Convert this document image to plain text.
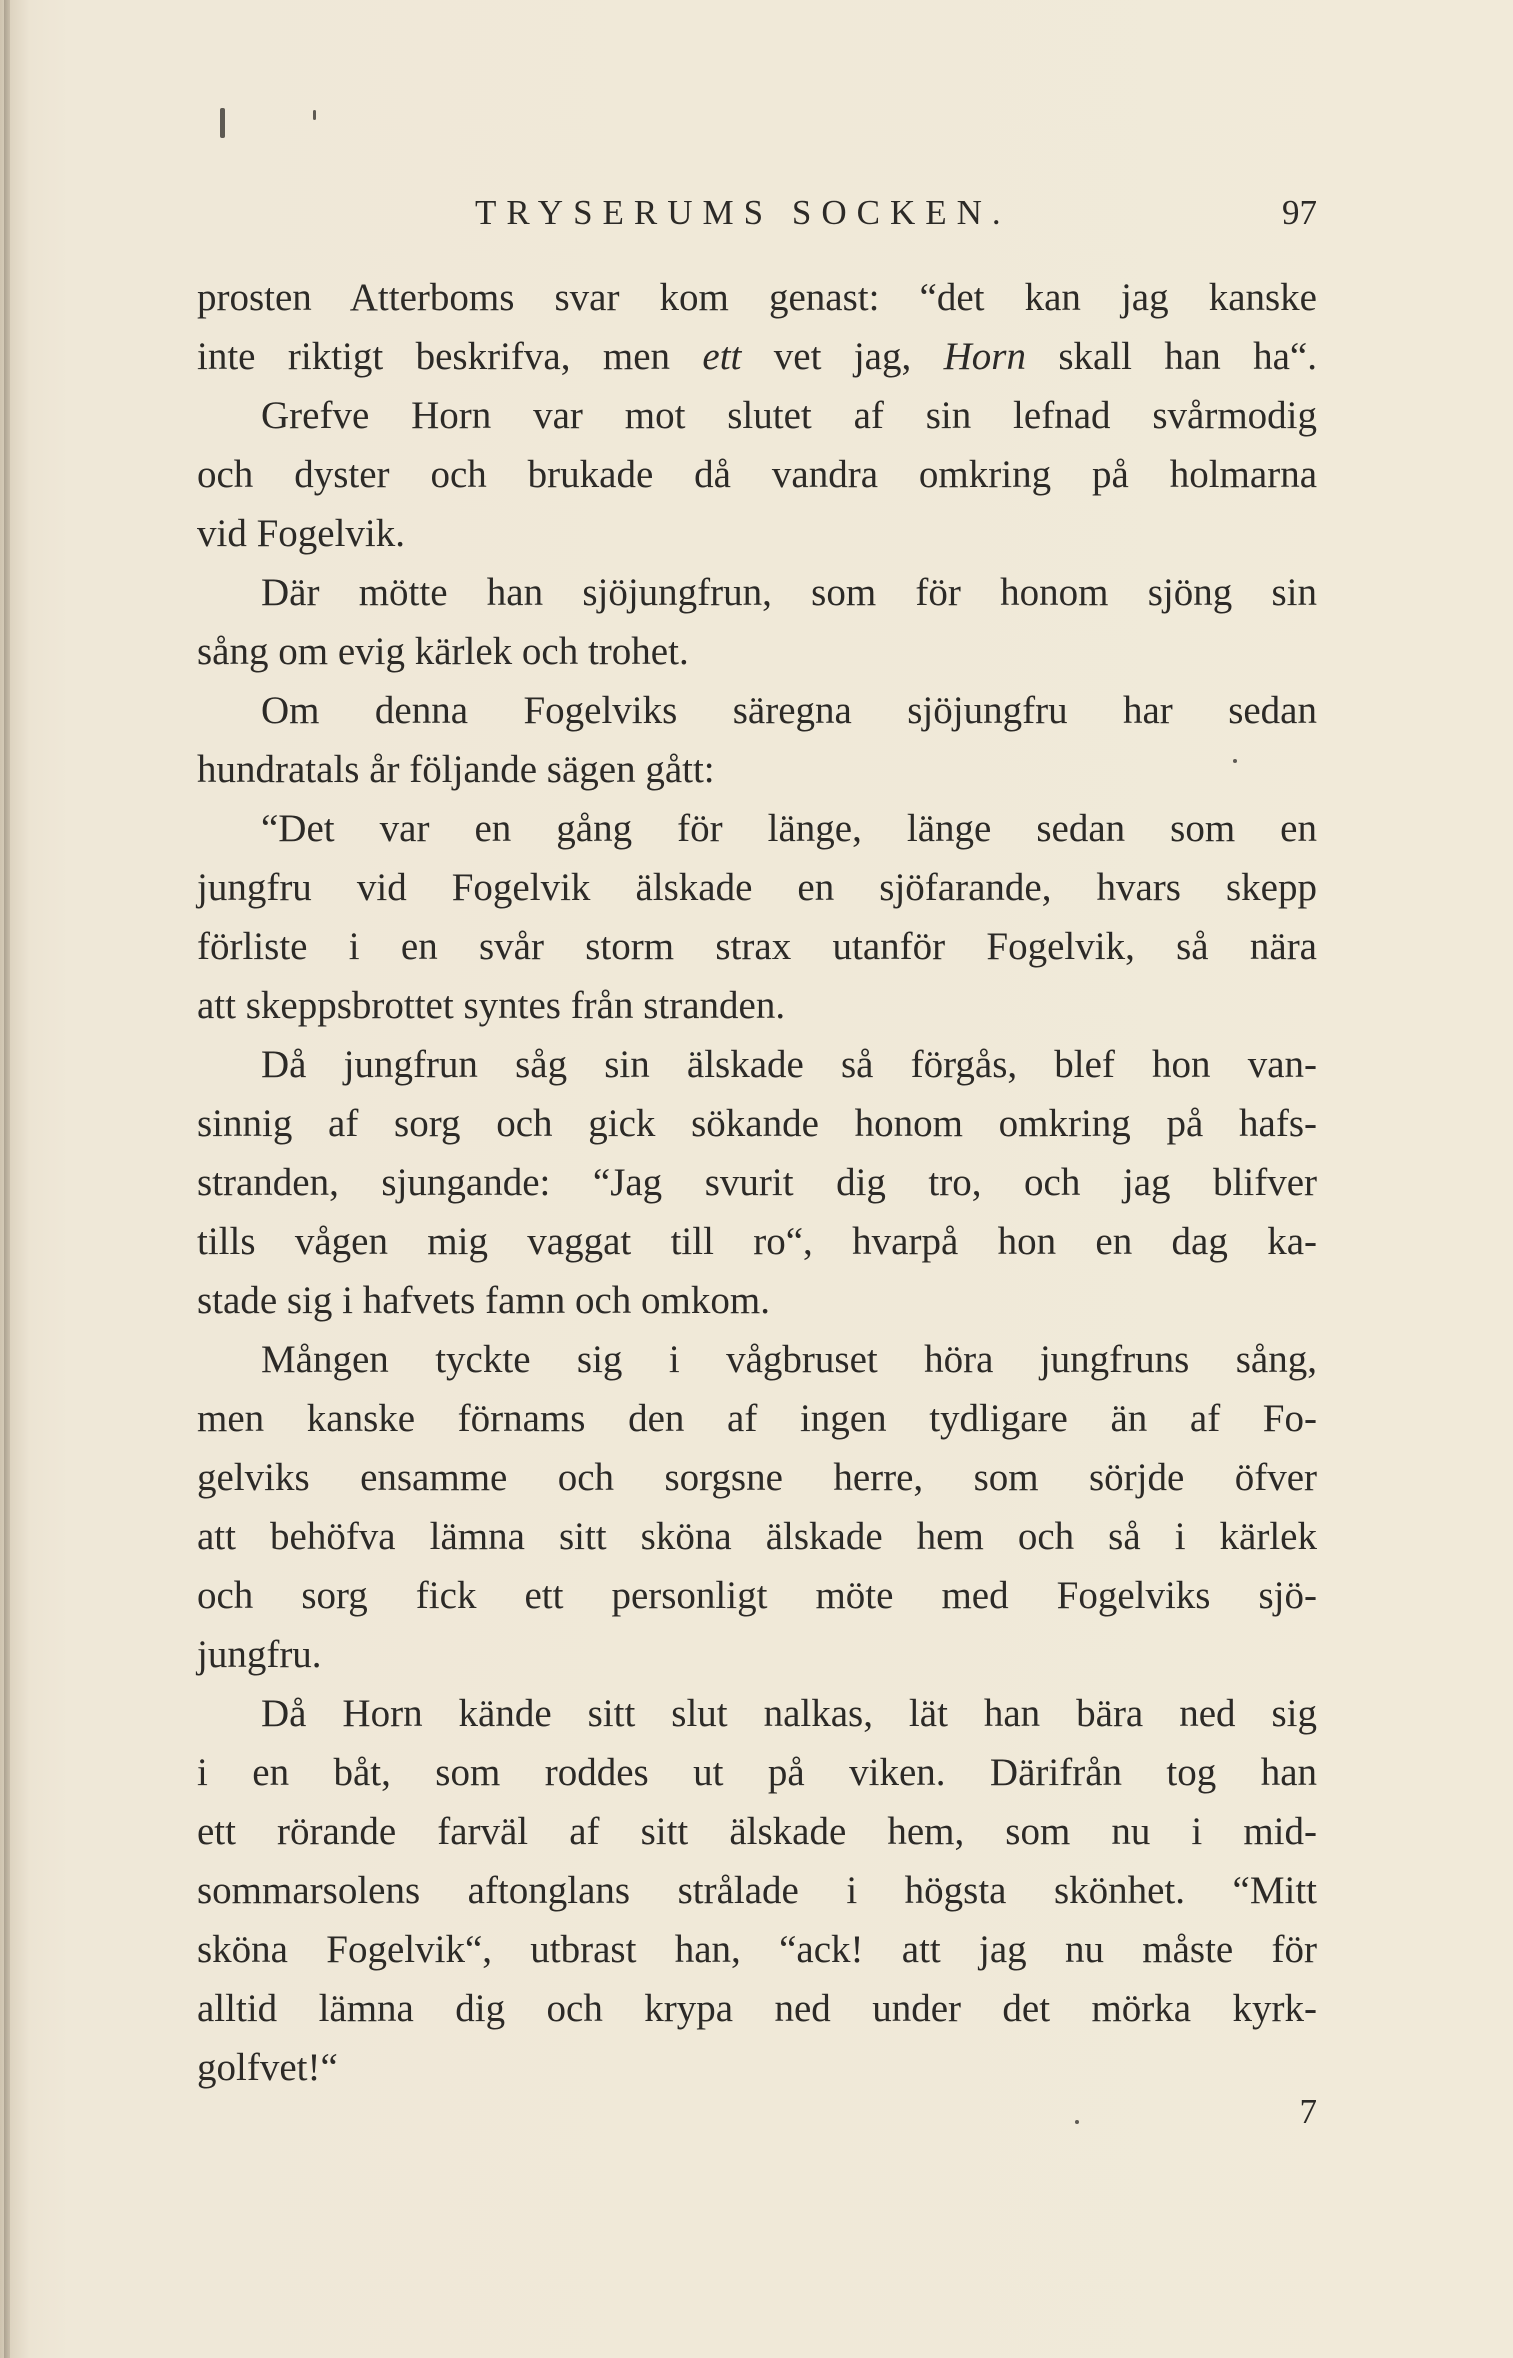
TRYSERUMS SOCKEN.	97
prosten Atterboms svar kom genast: “det kan jag kanske
inte riktigt beskrifva, men ett vet jag, Horn skall han ha“.
Grefve Horn var mot slutet af sin lefnad svårmodig
och dyster och brukade då vandra omkring på holmarna
vid Fogelvik.
Där mötte han sjöjungfrun, som för honom sjöng sin
sång om evig kärlek och trohet.
Om denna Fogelviks säregna sjöjungfru har sedan
hundratals år följande sägen gått:
“Det var en gång för länge, länge sedan som en
jungfru vid Fogelvik älskade en sjöfarande, hvars skepp
förliste i en svår storm strax utanför Fogelvik, så nära
att skeppsbrottet syntes från stranden.
Då jungfrun såg sin älskade så förgås, blef hon van-
sinnig af sorg och gick sökande honom omkring på hafs-
stranden, sjungande: “Jag svurit dig tro, och jag blifver
tills vågen mig vaggat till ro“, hvarpå hon en dag ka-
stade sig i hafvets famn och omkom.
Mången tyckte sig i vågbruset höra jungfruns sång,
men kanske förnams den af ingen tydligare än af Fo-
gelviks ensamme och sorgsne herre, som sörjde öfver
att behöfva lämna sitt sköna älskade hem och så i kärlek
och sorg fick ett personligt möte med Fogelviks sjö-
jungfru.
Då Horn kände sitt slut nalkas, lät han bära ned sig
i en båt, som roddes ut på viken. Därifrån tog han
ett rörande farväl af sitt älskade hem, som nu i mid-
sommarsolens aftonglans strålade i högsta skönhet. “Mitt
sköna Fogelvik“, utbrast han, “ack! att jag nu måste för
alltid lämna dig och krypa ned under det mörka kyrk-
golfvet!“
7
